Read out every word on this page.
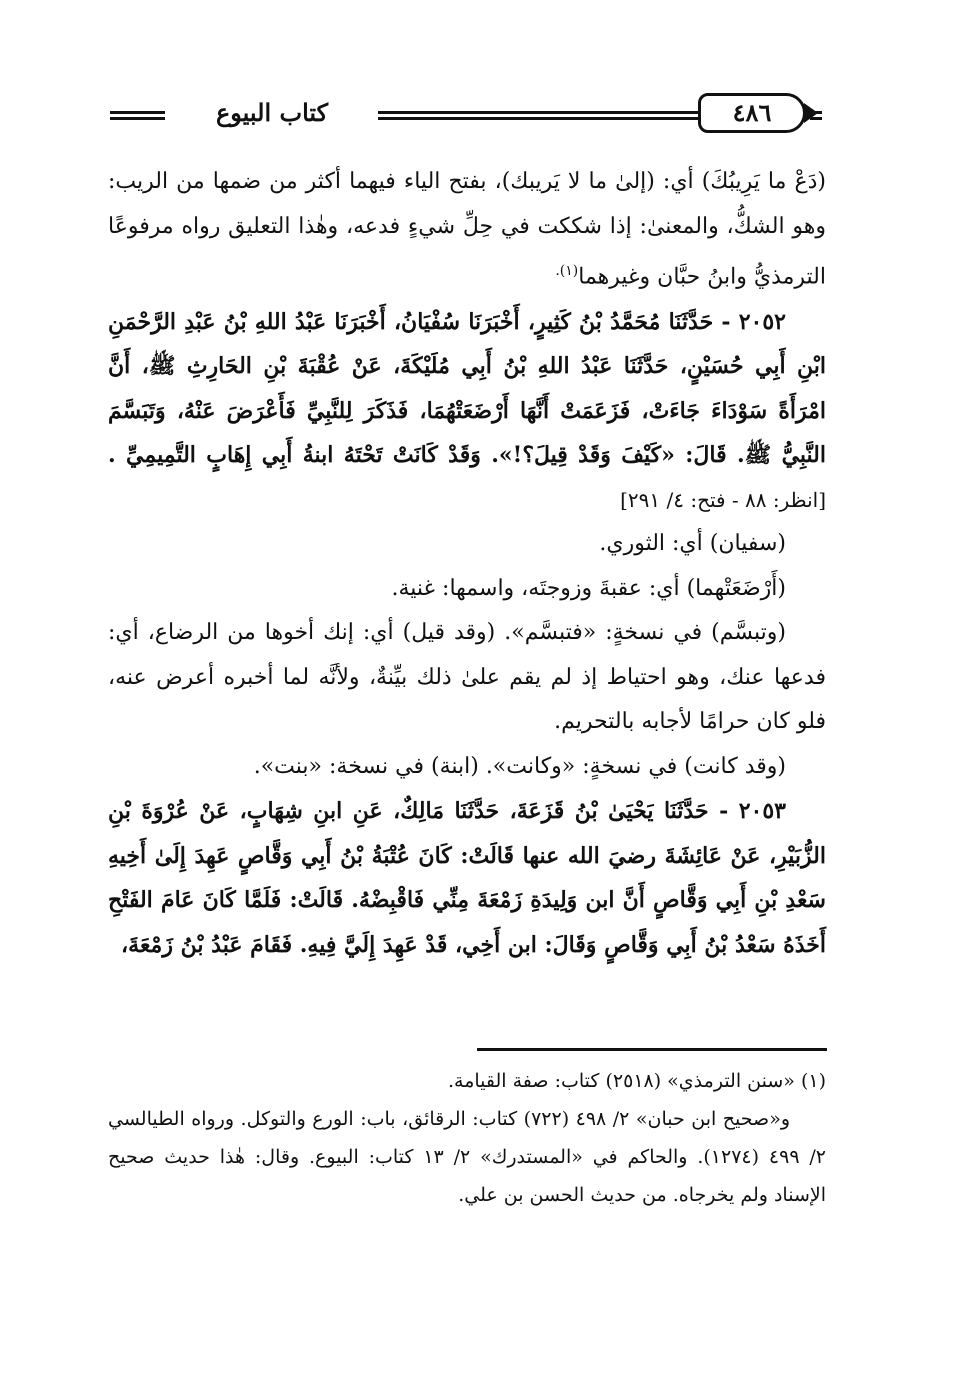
كتاب البيوع	٤٨٦

(دَعْ ما يَرِيبُكَ) أي: (إلىٰ ما لا يَريبك)، بفتح الياء فيهما أكثر من ضمها من الريب: وهو الشكُّ، والمعنىٰ: إذا شككت في حِلِّ شيءٍ فدعه، وهٰذا التعليق رواه مرفوعًا الترمذيُّ وابنُ حبَّان وغيرهما$^{(١).}$

٢٠٥٢ - حَدَّثَنَا مُحَمَّدُ بْنُ كَثِيرٍ، أَخْبَرَنَا سُفْيَانُ، أَخْبَرَنَا عَبْدُ اللهِ بْنُ عَبْدِ الرَّحْمَنِ ابْنِ أَبِي حُسَيْنٍ، حَدَّثَنَا عَبْدُ اللهِ بْنُ أَبِي مُلَيْكَةَ، عَنْ عُقْبَةَ بْنِ الحَارِثِ ﷺ، أَنَّ امْرَأَةً سَوْدَاءَ جَاءَتْ، فَزَعَمَتْ أَنَّهَا أَرْضَعَتْهُمَا، فَذَكَرَ لِلنَّبِيِّ فَأَعْرَضَ عَنْهُ، وَتَبَسَّمَ النَّبِيُّ ﷺ. قَالَ: «كَيْفَ وَقَدْ قِيلَ؟!». وَقَدْ كَانَتْ تَحْتَهُ ابنةُ أَبِي إِهَابٍ التَّمِيمِيِّ . [انظر: ٨٨ - فتح: ٤/ ٢٩١]

(سفيان) أي: الثوري.

(أَرْضَعَتْهما) أي: عقبةَ وزوجتَه، واسمها: غنية.

(وتبسَّم) في نسخةٍ: «فتبسَّم». (وقد قيل) أي: إنك أخوها من الرضاع، أي: فدعها عنك، وهو احتياط إذ لم يقم علىٰ ذلك بيِّنةٌ، ولأنَّه لما أخبره أعرض عنه، فلو كان حرامًا لأجابه بالتحريم.

(وقد كانت) في نسخةٍ: «وكانت». (ابنة) في نسخة: «بنت».

٢٠٥٣ - حَدَّثَنَا يَحْيَىٰ بْنُ قَزَعَةَ، حَدَّثَنَا مَالِكٌ، عَنِ ابنِ شِهَابٍ، عَنْ عُرْوَةَ بْنِ الزُّبَيْرِ، عَنْ عَائِشَةَ رضيَ الله عنها قَالَتْ: كَانَ عُتْبَةُ بْنُ أَبِي وَقَّاصٍ عَهِدَ إِلَىٰ أَخِيهِ سَعْدِ بْنِ أَبِي وَقَّاصٍ أَنَّ ابن وَلِيدَةِ زَمْعَةَ مِنِّي فَاقْبِضْهُ. قَالَتْ: فَلَمَّا كَانَ عَامَ الفَتْحِ أَخَذَهُ سَعْدُ بْنُ أَبِي وَقَّاصٍ وَقَالَ: ابن أَخِي، قَدْ عَهِدَ إِلَيَّ فِيهِ. فَقَامَ عَبْدُ بْنُ زَمْعَةَ،

(١) «سنن الترمذي» (٢٥١٨) كتاب: صفة القيامة.

و«صحيح ابن حبان» ٢/ ٤٩٨ (٧٢٢) كتاب: الرقائق، باب: الورع والتوكل. ورواه الطيالسي ٢/ ٤٩٩ (١٢٧٤). والحاكم في «المستدرك» ٢/ ١٣ كتاب: البيوع. وقال: هٰذا حديث صحيح الإسناد ولم يخرجاه. من حديث الحسن بن علي.
